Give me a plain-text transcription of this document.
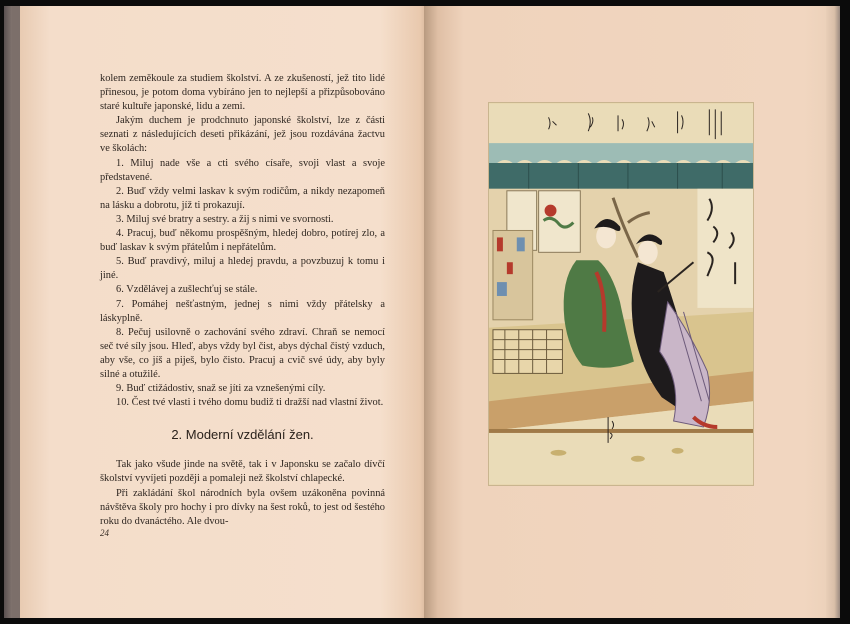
kolem zeměkoule za studiem školství. A ze zkušeností, jež tito lidé přinesou, je potom doma vybíráno jen to nejlepší a přizpůsobováno staré kultuře japonské, lidu a zemi.

Jakým duchem je prodchnuto japonské školství, lze z části seznati z následujících deseti přikázání, jež jsou rozdávána žactvu ve školách:

1. Miluj nade vše a cti svého císaře, svoji vlast a svoje představené.

2. Buď vždy velmi laskav k svým rodičům, a nikdy nezapomeň na lásku a dobrotu, jíž ti prokazují.

3. Miluj své bratry a sestry. a žij s nimi ve svornosti.

4. Pracuj, buď někomu prospěšným, hledej dobro, potírej zlo, a buď laskav k svým přátelům i nepřátelům.

5. Buď pravdivý, miluj a hledej pravdu, a povzbuzuj k tomu i jiné.

6. Vzdělávej a zušlechťuj se stále.

7. Pomáhej nešťastným, jednej s nimi vždy přátelsky a láskyplně.

8. Pečuj usilovně o zachování svého zdraví. Chraň se nemocí seč tvé síly jsou. Hleď, abys vždy byl čist, abys dýchal čistý vzduch, aby vše, co jíš a piješ, bylo čisto. Pracuj a cvič své údy, aby byly silné a otužilé.

9. Buď ctižádostiv, snaž se jíti za vznešenými cíly.

10. Čest tvé vlasti i tvého domu budiž ti dražší nad vlastní život.

2. Moderní vzdělání žen.

Tak jako všude jinde na světě, tak i v Japonsku se začalo dívčí školství vyvíjeti později a pomaleji než školství chlapecké.

Při zakládání škol národních byla ovšem uzákoněna povinná návštěva školy pro hochy i pro dívky na šest roků, to jest od šestého roku do dvanáctého. Ale dvou-

24
